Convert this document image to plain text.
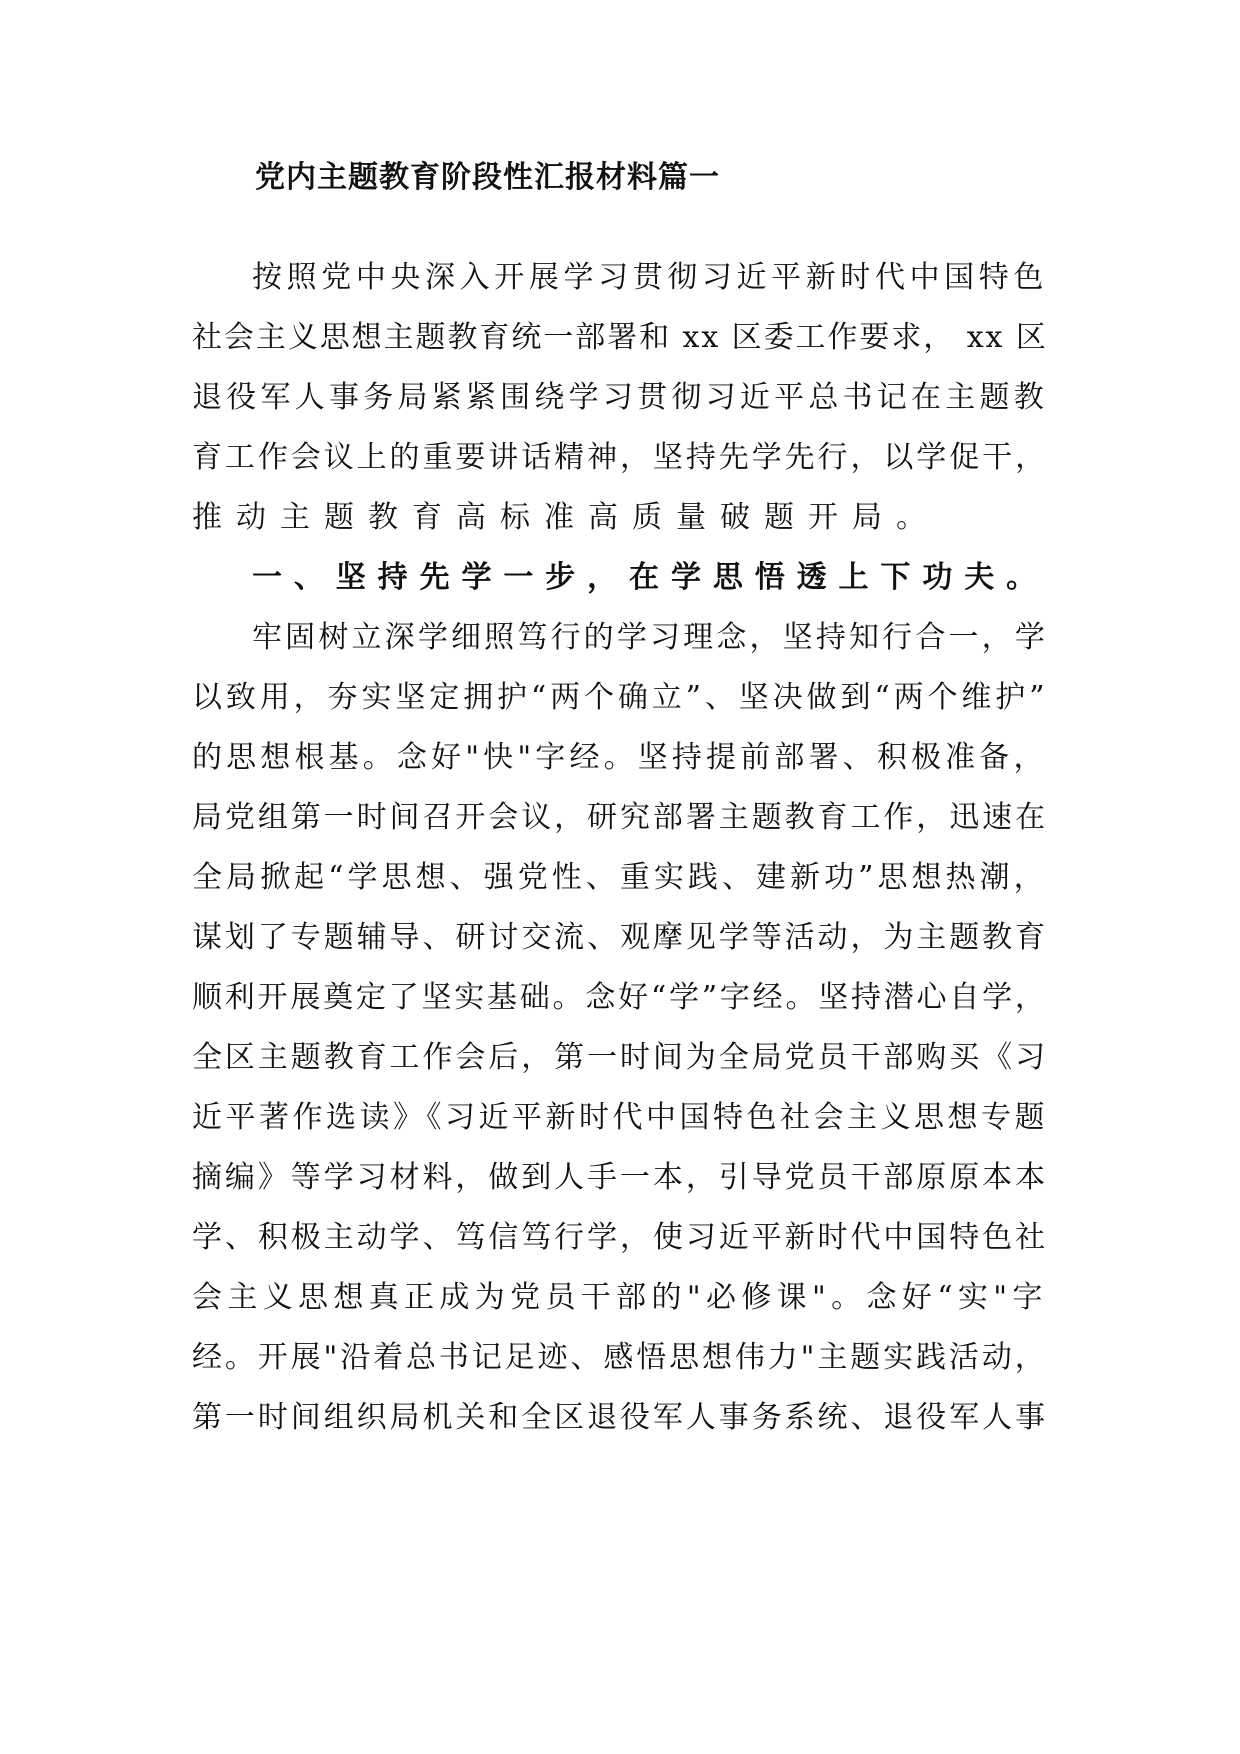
党内主题教育阶段性汇报材料篇一
按照党中央深入开展学习贯彻习近平新时代中国特色
社会主义思想主题教育统一部署和 xx 区委工作要求， xx 区
退役军人事务局紧紧围绕学习贯彻习近平总书记在主题教
育工作会议上的重要讲话精神，坚持先学先行，以学促干，
推动主题教育高标准高质量破题开局。
一、坚持先学一步，在学思悟透上下功夫。
牢固树立深学细照笃行的学习理念，坚持知行合一，学
以致用，夯实坚定拥护“两个确立”、坚决做到“两个维护”
的思想根基。念好"快"字经。坚持提前部署、积极准备，
局党组第一时间召开会议，研究部署主题教育工作，迅速在
全局掀起“学思想、强党性、重实践、建新功”思想热潮，
谋划了专题辅导、研讨交流、观摩见学等活动，为主题教育
顺利开展奠定了坚实基础。念好“学”字经。坚持潜心自学，
全区主题教育工作会后，第一时间为全局党员干部购买《习
近平著作选读》《习近平新时代中国特色社会主义思想专题
摘编》等学习材料，做到人手一本，引导党员干部原原本本
学、积极主动学、笃信笃行学，使习近平新时代中国特色社
会主义思想真正成为党员干部的"必修课"。念好“实"字
经。开展"沿着总书记足迹、感悟思想伟力"主题实践活动，
第一时间组织局机关和全区退役军人事务系统、退役军人事
